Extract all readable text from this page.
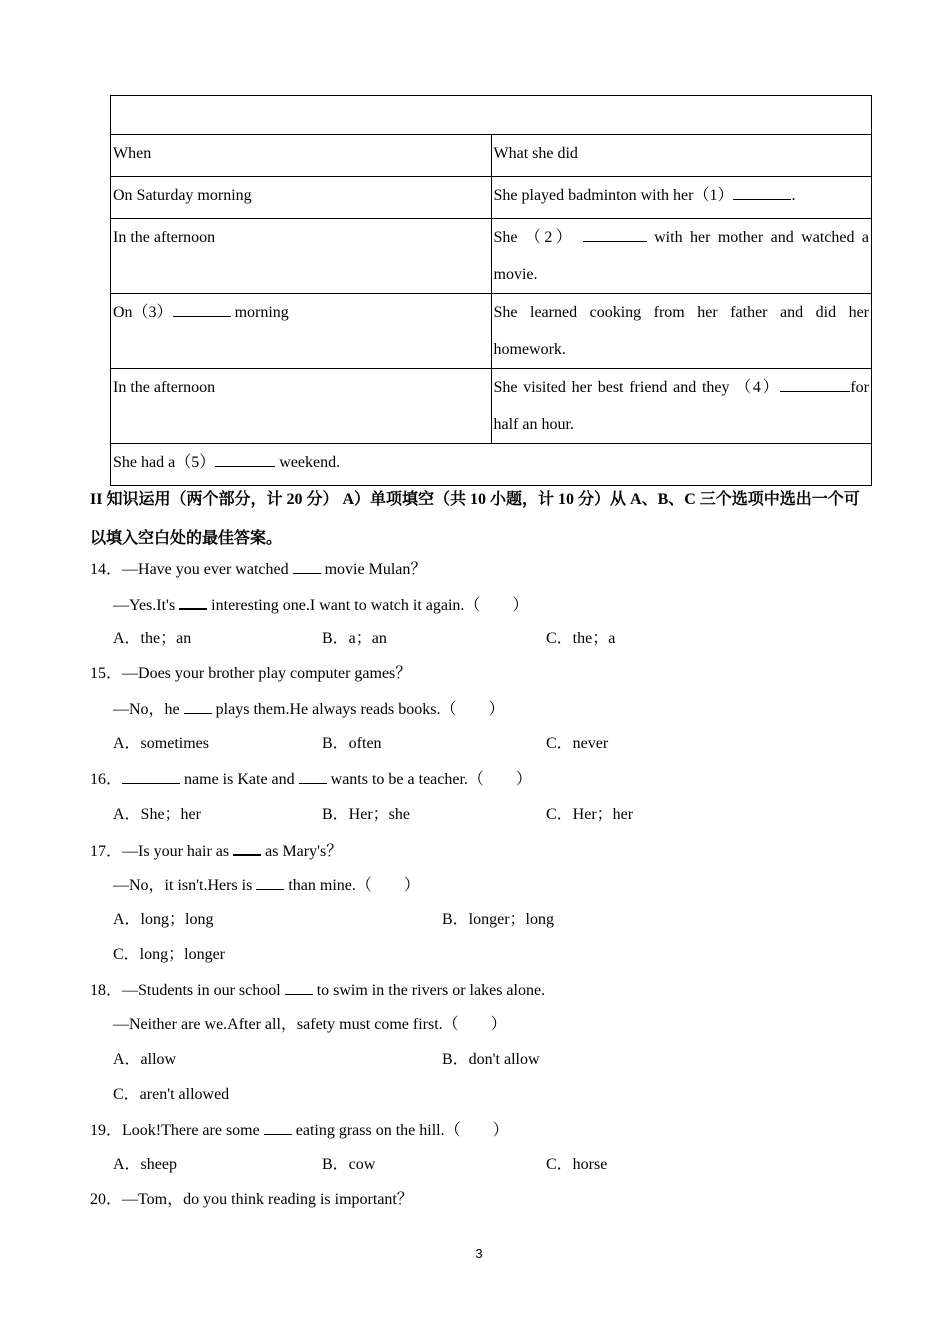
When	What she did
On Saturday morning	She played badminton with her（1） .
In the afternoon	She （2） with her mother and watched a movie.
On（3） morning	She learned cooking from her father and did her homework.
In the afternoon	She visited her best friend and they （4） for half an hour.
She had a（5） weekend.	
II 知识运用（两个部分，计 20 分） A）单项填空（共 10 小题，计 10 分）从 A、B、C 三个选项中选出一个可以填入空白处的最佳答案。
14．—Have you ever watched  movie Mulan？
—Yes.It's  interesting one.I want to watch it again.（　　）
A．the；an	B．a；an	C．the；a
15．—Does your brother play computer games？
—No，he  plays them.He always reads books.（　　）
A．sometimes	B．often	C．never
16．	name is Kate and  wants to be a teacher.（　　）
A．She；her	B．Her；she	C．Her；her
17．—Is your hair as  as Mary's？
—No，it isn't.Hers is  than mine.（　　）
A．long；long	B．longer；long
C．long；longer
18．—Students in our school  to swim in the rivers or lakes alone.
—Neither are we.After all，safety must come first.（　　）
A．allow	B．don't allow
C．aren't allowed
19．Look!There are some  eating grass on the hill.（　　）
A．sheep	B．cow	C．horse
20．—Tom，do you think reading is important？
3
